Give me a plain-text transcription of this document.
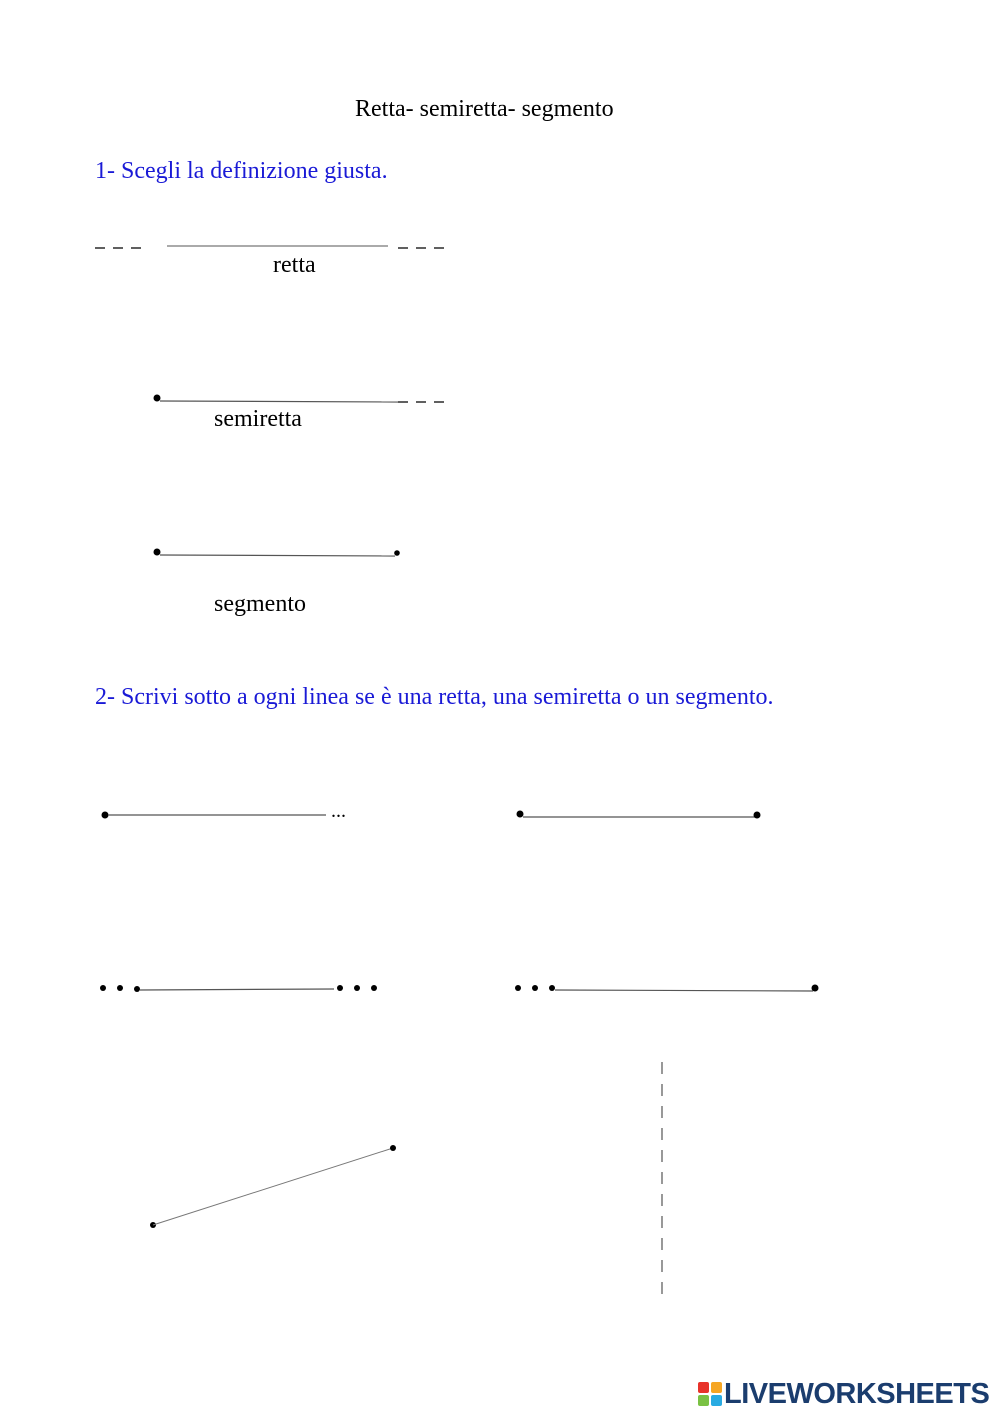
Retta- semiretta- segmento
1- Scegli la definizione giusta.
retta
semiretta
segmento
2- Scrivi sotto a ogni linea se è una retta, una semiretta o un segmento.
...
LIVEWORKSHEETS
